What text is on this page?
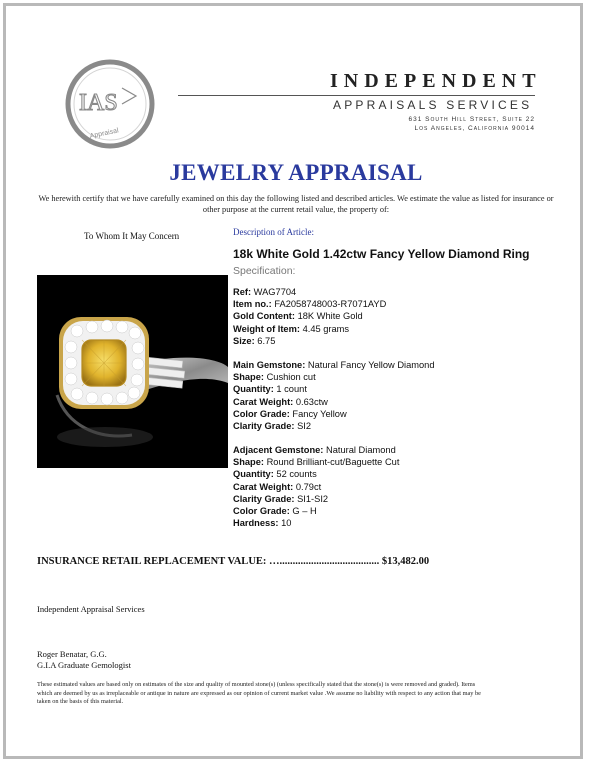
IAS
Appraisal
INDEPENDENT
APPRAISALS SERVICES
631 South Hill Street, Suite 22
Los Angeles, California 90014
JEWELRY APPRAISAL
We herewith certify that we have carefully examined on this day the following listed and described articles. We estimate the value as listed for insurance or other purpose at the current retail value, the property of:
To Whom It May Concern	Description of Article:
18k White Gold 1.42ctw Fancy Yellow Diamond Ring
Specification:
Ref: WAG7704
Item no.: FA2058748003-R7071AYD
Gold Content: 18K White Gold
Weight of Item: 4.45 grams
Size: 6.75
Main Gemstone: Natural Fancy Yellow Diamond
Shape: Cushion cut
Quantity: 1 count
Carat Weight: 0.63ctw
Color Grade: Fancy Yellow
Clarity Grade: SI2
Adjacent Gemstone: Natural Diamond
Shape: Round Brilliant-cut/Baguette Cut
Quantity: 52 counts
Carat Weight: 0.79ct
Clarity Grade: SI1-SI2
Color Grade: G – H
Hardness: 10
INSURANCE RETAIL REPLACEMENT VALUE: …...................................... $13,482.00
Independent Appraisal Services
Roger Benatar, G.G.
G.I.A Graduate Gemologist
These estimated values are based only on estimates of the size and quality of mounted stone(s) (unless specifically stated that the stone(s) is were removed and graded). Items which are deemed by us as irreplaceable or antique in nature are expressed as our opinion of current market value .We assume no liability with respect to any action that may be taken on the basis of this material.
